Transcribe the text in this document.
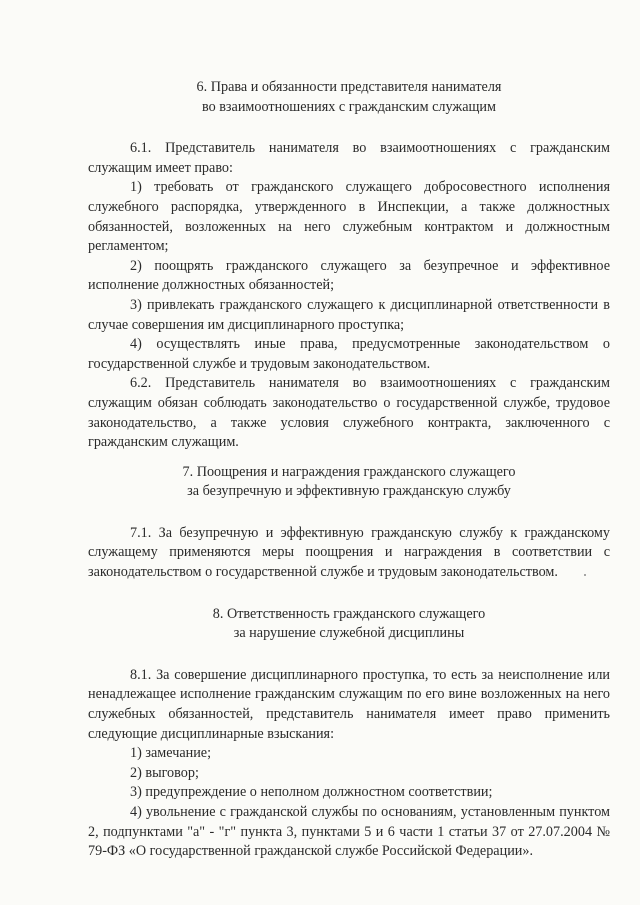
6. Права и обязанности представителя нанимателя
во взаимоотношениях с гражданским служащим

6.1. Представитель нанимателя во взаимоотношениях с гражданским служащим имеет право:

1) требовать от гражданского служащего добросовестного исполнения служебного распорядка, утвержденного в Инспекции, а также должностных обязанностей, возложенных на него служебным контрактом и должностным регламентом;

2) поощрять гражданского служащего за безупречное и эффективное исполнение должностных обязанностей;

3) привлекать гражданского служащего к дисциплинарной ответственности в случае совершения им дисциплинарного проступка;

4) осуществлять иные права, предусмотренные законодательством о государственной службе и трудовым законодательством.

6.2. Представитель нанимателя во взаимоотношениях с гражданским служащим обязан соблюдать законодательство о государственной службе, трудовое законодательство, а также условия служебного контракта, заключенного с гражданским служащим.

7. Поощрения и награждения гражданского служащего
за безупречную и эффективную гражданскую службу

7.1. За безупречную и эффективную гражданскую службу к гражданскому служащему применяются меры поощрения и награждения в соответствии с законодательством о государственной службе и трудовым законодательством.

8. Ответственность гражданского служащего
за нарушение служебной дисциплины

8.1. За совершение дисциплинарного проступка, то есть за неисполнение или ненадлежащее исполнение гражданским служащим по его вине возложенных на него служебных обязанностей, представитель нанимателя имеет право применить следующие дисциплинарные взыскания:

1) замечание;

2) выговор;

3) предупреждение о неполном должностном соответствии;

4) увольнение с гражданской службы по основаниям, установленным пунктом 2, подпунктами "а" - "г" пункта 3, пунктами 5 и 6 части 1 статьи 37 от 27.07.2004 № 79-ФЗ «О государственной гражданской службе Российской Федерации».
